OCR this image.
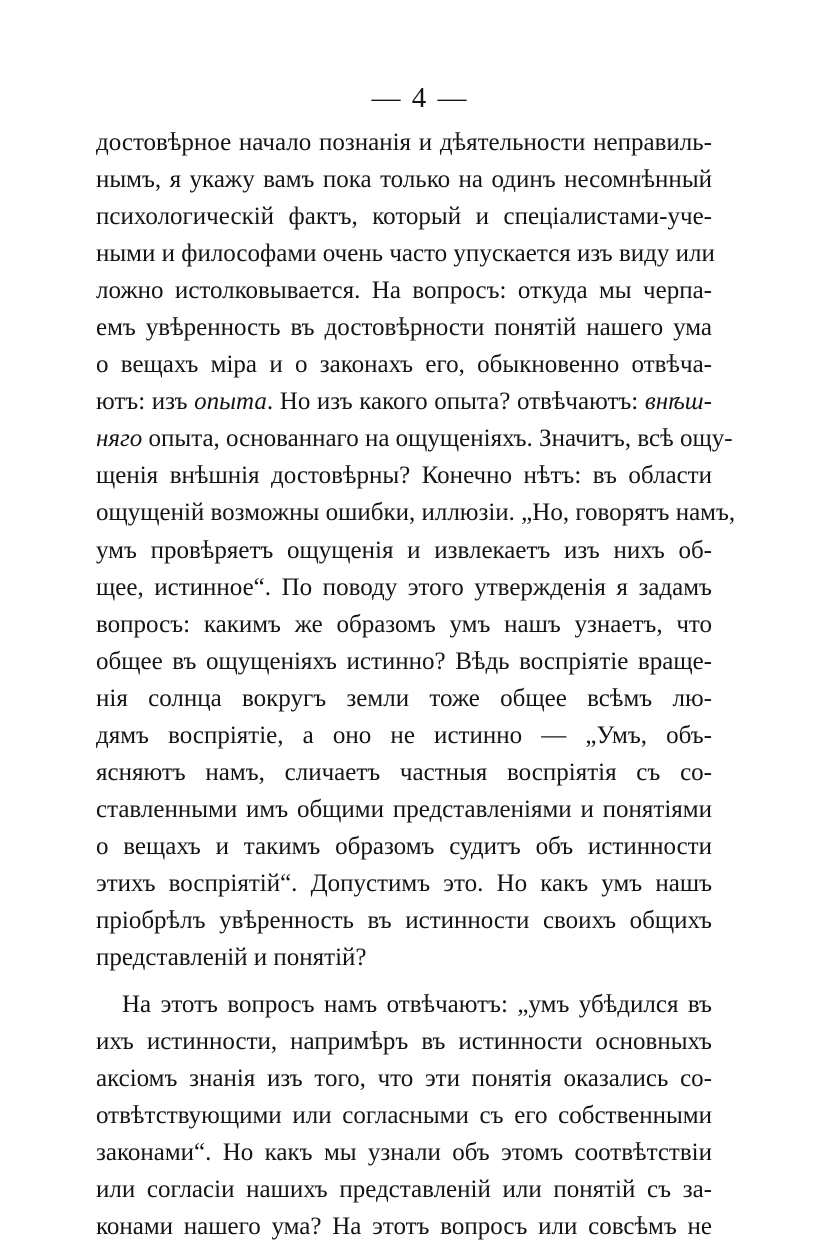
— 4 —
достовѣрное начало познанія и дѣятельности неправиль-
нымъ, я укажу вамъ пока только на одинъ несомнѣнный
психологическій фактъ, который и спеціалистами-уче-
ными и философами очень часто упускается изъ виду или
ложно истолковывается. На вопросъ: откуда мы черпа-
емъ увѣренность въ достовѣрности понятій нашего ума
о вещахъ міра и о законахъ его, обыкновенно отвѣча-
ютъ: изъ опыта. Но изъ какого опыта? отвѣчаютъ: внѣш-
няго опыта, основаннаго на ощущеніяхъ. Значитъ, всѣ ощу-
щенія внѣшнія достовѣрны? Конечно нѣтъ: въ области
ощущеній возможны ошибки, иллюзіи. „Но, говорятъ намъ,
умъ провѣряетъ ощущенія и извлекаетъ изъ нихъ об-
щее, истинное“. По поводу этого утвержденія я задамъ
вопросъ: какимъ же образомъ умъ нашъ узнаетъ, что
общее въ ощущеніяхъ истинно? Вѣдь воспріятіе враще-
нія солнца вокругъ земли тоже общее всѣмъ лю-
дямъ воспріятіе, а оно не истинно — „Умъ, объ-
ясняютъ намъ, сличаетъ частныя воспріятія съ со-
ставленными имъ общими представленіями и понятіями
о вещахъ и такимъ образомъ судитъ объ истинности
этихъ воспріятій“. Допустимъ это. Но какъ умъ нашъ
пріобрѣлъ увѣренность въ истинности своихъ общихъ
представленій и понятій?
На этотъ вопросъ намъ отвѣчаютъ: „умъ убѣдился въ
ихъ истинности, напримѣръ въ истинности основныхъ
аксіомъ знанія изъ того, что эти понятія оказались со-
отвѣтствующими или согласными съ его собственными
законами“. Но какъ мы узнали объ этомъ соотвѣтствіи
или согласіи нашихъ представленій или понятій съ за-
конами нашего ума? На этотъ вопросъ или совсѣмъ не
